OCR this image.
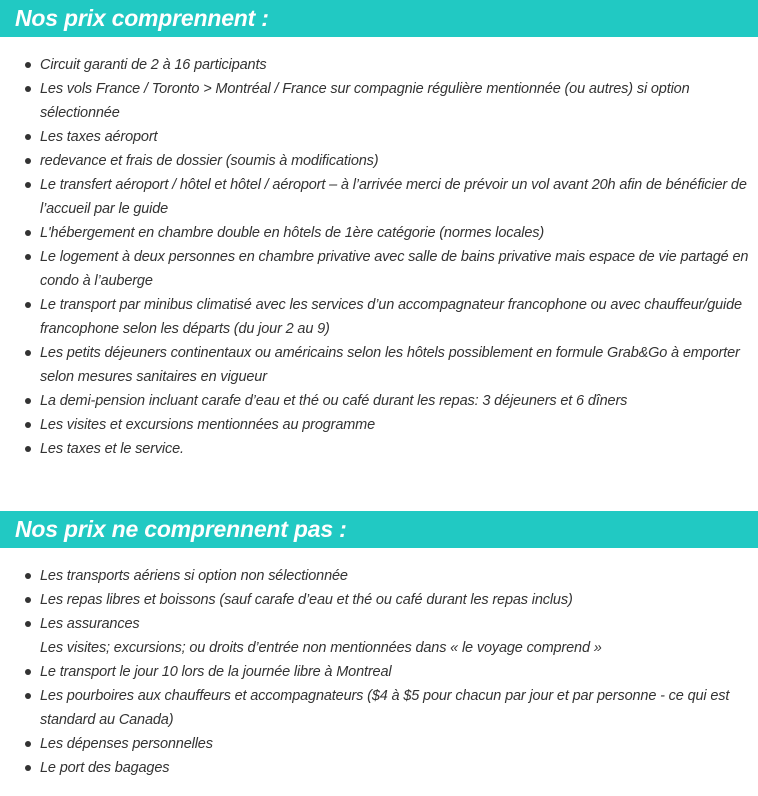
Nos prix comprennent :
Circuit garanti de 2 à 16 participants
Les vols France / Toronto > Montréal / France sur compagnie régulière mentionnée (ou autres) si option sélectionnée
Les taxes aéroport
redevance et frais de dossier (soumis à modifications)
Le transfert aéroport / hôtel et hôtel / aéroport – à l’arrivée merci de prévoir un vol avant 20h afin de bénéficier de l’accueil par le guide
L'hébergement en chambre double en hôtels de 1ère catégorie (normes locales)
Le logement à deux personnes en chambre privative avec salle de bains privative mais espace de vie partagé en condo à l’auberge
Le transport par minibus climatisé avec les services d’un accompagnateur francophone ou avec chauffeur/guide francophone selon les départs (du jour 2 au 9)
Les petits déjeuners continentaux ou américains selon les hôtels possiblement en formule Grab&Go à emporter selon mesures sanitaires en vigueur
La demi-pension incluant carafe d’eau et thé ou café durant les repas: 3 déjeuners et 6 dîners
Les visites et excursions mentionnées au programme
Les taxes et le service.
Nos prix ne comprennent pas :
Les transports aériens si option non sélectionnée
Les repas libres et boissons (sauf carafe d’eau et thé ou café durant les repas inclus)
Les assurances
Les visites; excursions; ou droits d’entrée non mentionnées dans « le voyage comprend »
Le transport le jour 10 lors de la journée libre à Montreal
Les pourboires aux chauffeurs et accompagnateurs ($4 à $5 pour chacun par jour et par personne - ce qui est standard au Canada)
Les dépenses personnelles
Le port des bagages
